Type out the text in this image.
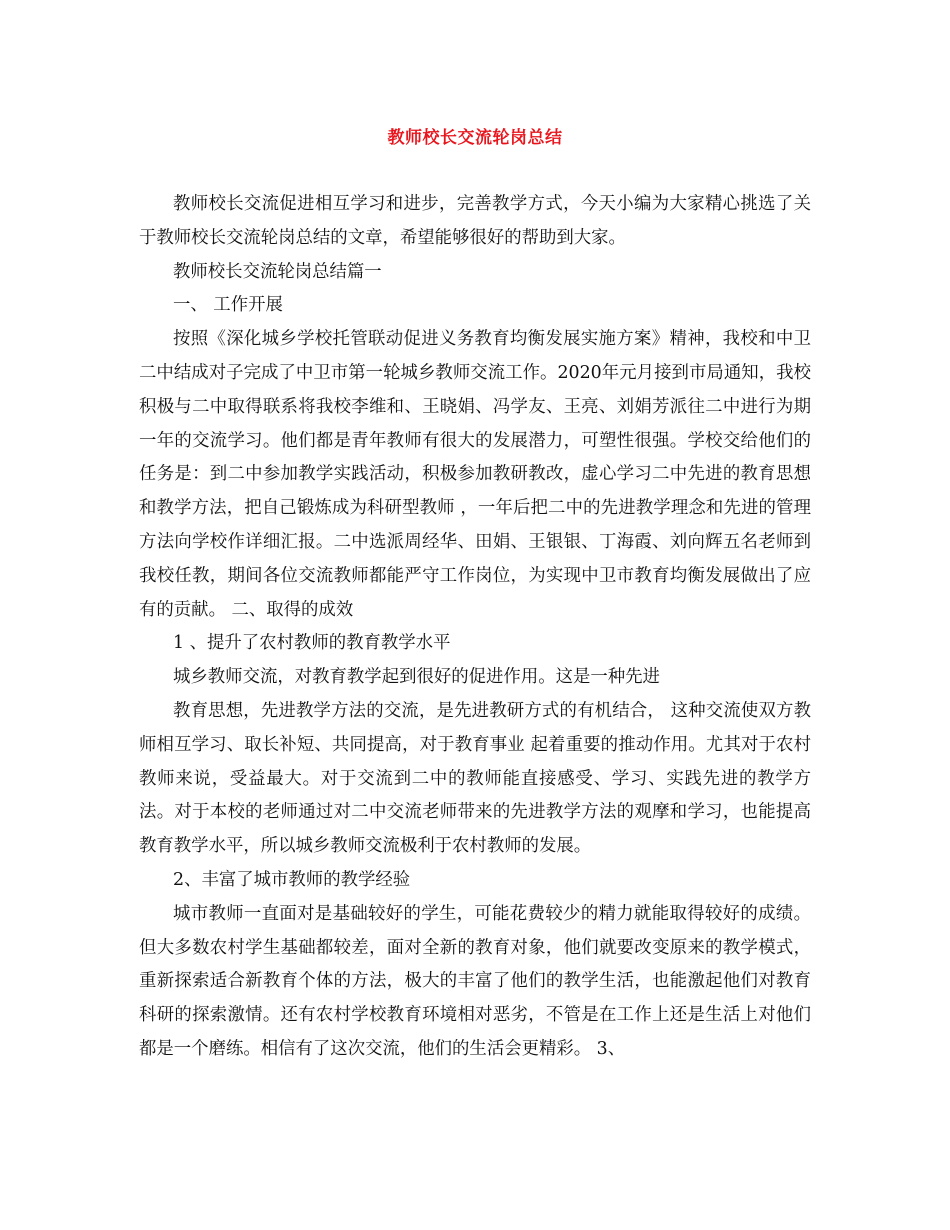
教师校长交流轮岗总结

教师校长交流促进相互学习和进步，完善教学方式，今天小编为大家精心挑选了关于教师校长交流轮岗总结的文章，希望能够很好的帮助到大家。

教师校长交流轮岗总结篇一

一、 工作开展

按照《深化城乡学校托管联动促进义务教育均衡发展实施方案》精神，我校和中卫二中结成对子完成了中卫市第一轮城乡教师交流工作。2020年元月接到市局通知，我校积极与二中取得联系将我校李维和、王晓娟、冯学友、王亮、刘娟芳派往二中进行为期一年的交流学习。他们都是青年教师有很大的发展潜力，可塑性很强。学校交给他们的任务是：到二中参加教学实践活动，积极参加教研教改，虚心学习二中先进的教育思想和教学方法，把自己锻炼成为科研型教师 ，一年后把二中的先进教学理念和先进的管理方法向学校作详细汇报。二中选派周经华、田娟、王银银、丁海霞、刘向辉五名老师到我校任教，期间各位交流教师都能严守工作岗位，为实现中卫市教育均衡发展做出了应有的贡献。 二、取得的成效

1 、提升了农村教师的教育教学水平

城乡教师交流，对教育教学起到很好的促进作用。这是一种先进

教育思想，先进教学方法的交流，是先进教研方式的有机结合， 这种交流使双方教师相互学习、取长补短、共同提高，对于教育事业 起着重要的推动作用。尤其对于农村教师来说，受益最大。对于交流到二中的教师能直接感受、学习、实践先进的教学方法。对于本校的老师通过对二中交流老师带来的先进教学方法的观摩和学习，也能提高教育教学水平，所以城乡教师交流极利于农村教师的发展。

2、丰富了城市教师的教学经验

城市教师一直面对是基础较好的学生，可能花费较少的精力就能取得较好的成绩。但大多数农村学生基础都较差，面对全新的教育对象，他们就要改变原来的教学模式，重新探索适合新教育个体的方法，极大的丰富了他们的教学生活，也能激起他们对教育科研的探索激情。还有农村学校教育环境相对恶劣，不管是在工作上还是生活上对他们都是一个磨练。相信有了这次交流，他们的生活会更精彩。 3、
